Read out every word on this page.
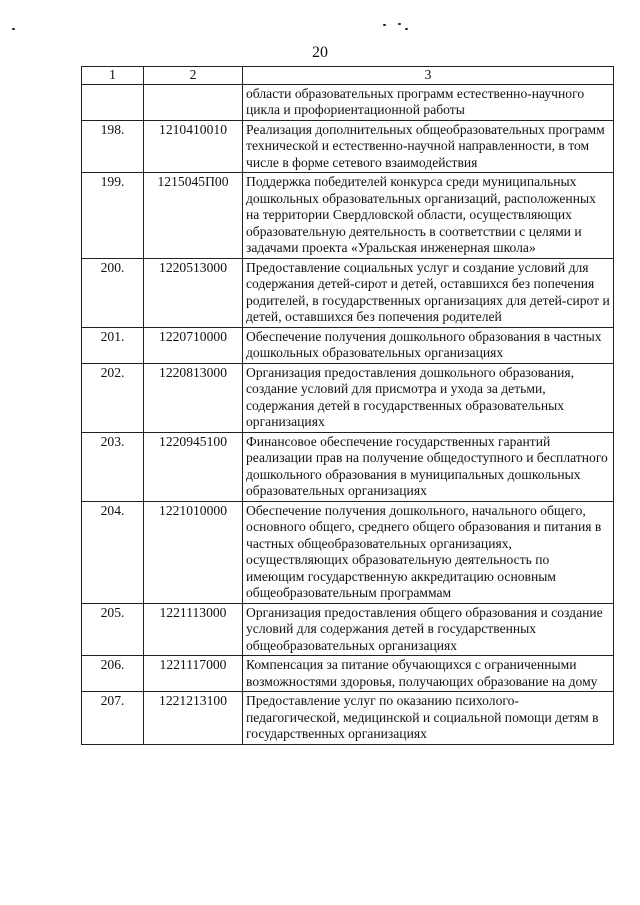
20
1	2	3
		области образовательных программ естественно-научного цикла и профориентационной работы
198.	1210410010	Реализация дополнительных общеобразовательных программ технической и естественно-научной направленности, в том числе в форме сетевого взаимодействия
199.	1215045П00	Поддержка победителей конкурса среди муниципальных дошкольных образовательных организаций, расположенных на территории Свердловской области, осуществляющих образовательную деятельность в соответствии с целями и задачами проекта «Уральская инженерная школа»
200.	1220513000	Предоставление социальных услуг и создание условий для содержания детей-сирот и детей, оставшихся без попечения родителей, в государственных организациях для детей-сирот и детей, оставшихся без попечения родителей
201.	1220710000	Обеспечение получения дошкольного образования в частных дошкольных образовательных организациях
202.	1220813000	Организация предоставления дошкольного образования, создание условий для присмотра и ухода за детьми, содержания детей в государственных образовательных организациях
203.	1220945100	Финансовое обеспечение государственных гарантий реализации прав на получение общедоступного и бесплатного дошкольного образования в муниципальных дошкольных образовательных организациях
204.	1221010000	Обеспечение получения дошкольного, начального общего, основного общего, среднего общего образования и питания в частных общеобразовательных организациях, осуществляющих образовательную деятельность по имеющим государственную аккредитацию основным общеобразовательным программам
205.	1221113000	Организация предоставления общего образования и создание условий для содержания детей в государственных общеобразовательных организациях
206.	1221117000	Компенсация за питание обучающихся с ограниченными возможностями здоровья, получающих образование на дому
207.	1221213100	Предоставление услуг по оказанию психолого-педагогической, медицинской и социальной помощи детям в государственных организациях
